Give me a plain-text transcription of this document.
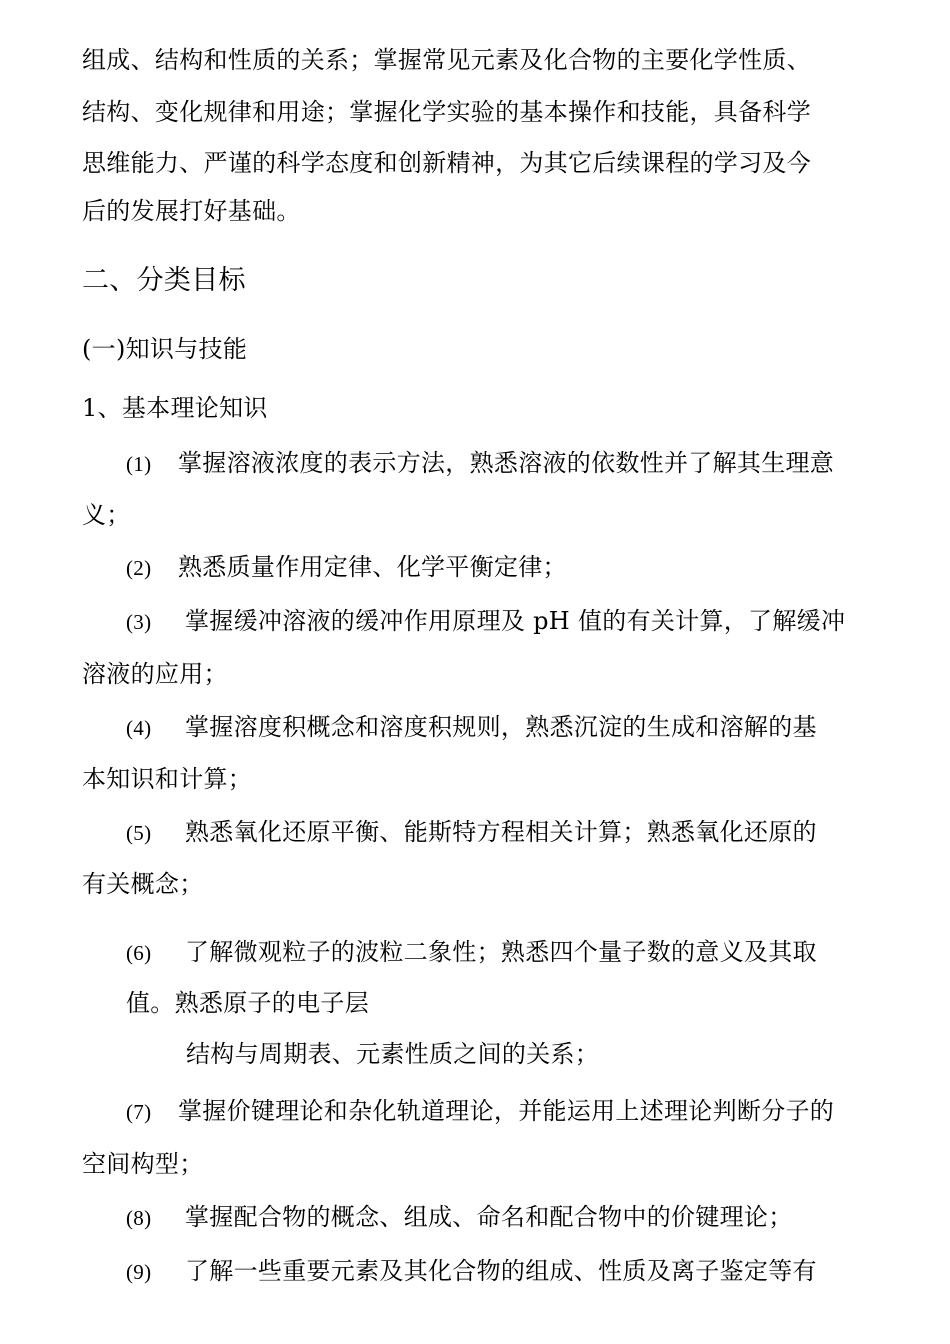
组成、结构和性质的关系；掌握常见元素及化合物的主要化学性质、
结构、变化规律和用途；掌握化学实验的基本操作和技能，具备科学
思维能力、严谨的科学态度和创新精神，为其它后续课程的学习及今
后的发展打好基础。
二、分类目标
(一)知识与技能
1、基本理论知识
(1) 掌握溶液浓度的表示方法，熟悉溶液的依数性并了解其生理意
义；
(2) 熟悉质量作用定律、化学平衡定律；
(3) 掌握缓冲溶液的缓冲作用原理及 pH 值的有关计算，了解缓冲
溶液的应用；
(4) 掌握溶度积概念和溶度积规则，熟悉沉淀的生成和溶解的基
本知识和计算；
(5) 熟悉氧化还原平衡、能斯特方程相关计算；熟悉氧化还原的
有关概念；
(6) 了解微观粒子的波粒二象性；熟悉四个量子数的意义及其取
值。熟悉原子的电子层
结构与周期表、元素性质之间的关系；
(7) 掌握价键理论和杂化轨道理论，并能运用上述理论判断分子的
空间构型；
(8) 掌握配合物的概念、组成、命名和配合物中的价键理论；
(9) 了解一些重要元素及其化合物的组成、性质及离子鉴定等有
